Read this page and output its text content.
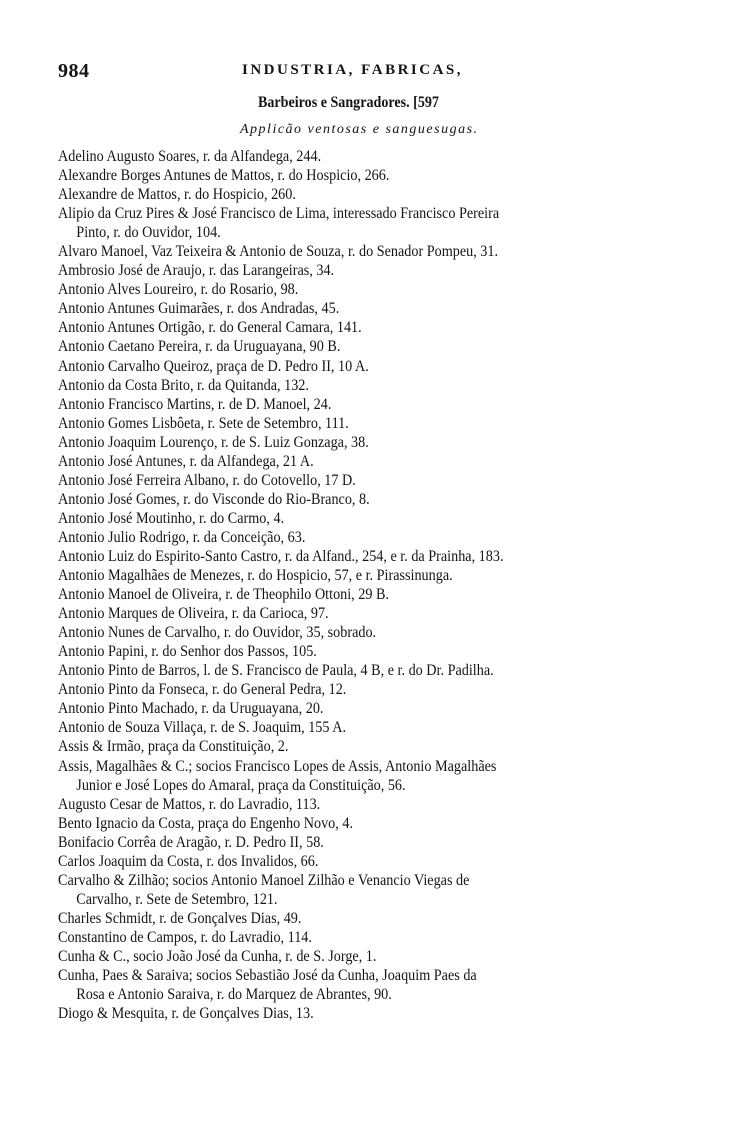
984	INDUSTRIA, FABRICAS,
Barbeiros e Sangradores. [597
Applicão ventosas e sanguesugas.
Adelino Augusto Soares, r. da Alfandega, 244.
Alexandre Borges Antunes de Mattos, r. do Hospicio, 266.
Alexandre de Mattos, r. do Hospicio, 260.
Alipio da Cruz Pires & José Francisco de Lima, interessado Francisco Pereira
Pinto, r. do Ouvidor, 104.
Alvaro Manoel, Vaz Teixeira & Antonio de Souza, r. do Senador Pompeu, 31.
Ambrosio José de Araujo, r. das Larangeiras, 34.
Antonio Alves Loureiro, r. do Rosario, 98.
Antonio Antunes Guimarães, r. dos Andradas, 45.
Antonio Antunes Ortigão, r. do General Camara, 141.
Antonio Caetano Pereira, r. da Uruguayana, 90 B.
Antonio Carvalho Queiroz, praça de D. Pedro II, 10 A.
Antonio da Costa Brito, r. da Quitanda, 132.
Antonio Francisco Martins, r. de D. Manoel, 24.
Antonio Gomes Lisbôeta, r. Sete de Setembro, 111.
Antonio Joaquim Lourenço, r. de S. Luiz Gonzaga, 38.
Antonio José Antunes, r. da Alfandega, 21 A.
Antonio José Ferreira Albano, r. do Cotovello, 17 D.
Antonio José Gomes, r. do Visconde do Rio-Branco, 8.
Antonio José Moutinho, r. do Carmo, 4.
Antonio Julio Rodrigo, r. da Conceição, 63.
Antonio Luiz do Espirito-Santo Castro, r. da Alfand., 254, e r. da Prainha, 183.
Antonio Magalhães de Menezes, r. do Hospicio, 57, e r. Pirassinunga.
Antonio Manoel de Oliveira, r. de Theophilo Ottoni, 29 B.
Antonio Marques de Oliveira, r. da Carioca, 97.
Antonio Nunes de Carvalho, r. do Ouvidor, 35, sobrado.
Antonio Papini, r. do Senhor dos Passos, 105.
Antonio Pinto de Barros, l. de S. Francisco de Paula, 4 B, e r. do Dr. Padilha.
Antonio Pinto da Fonseca, r. do General Pedra, 12.
Antonio Pinto Machado, r. da Uruguayana, 20.
Antonio de Souza Villaça, r. de S. Joaquim, 155 A.
Assis & Irmão, praça da Constituição, 2.
Assis, Magalhães & C.; socios Francisco Lopes de Assis, Antonio Magalhães
Junior e José Lopes do Amaral, praça da Constituição, 56.
Augusto Cesar de Mattos, r. do Lavradio, 113.
Bento Ignacio da Costa, praça do Engenho Novo, 4.
Bonifacio Corrêa de Aragão, r. D. Pedro II, 58.
Carlos Joaquim da Costa, r. dos Invalidos, 66.
Carvalho & Zilhão; socios Antonio Manoel Zilhão e Venancio Viegas de
Carvalho, r. Sete de Setembro, 121.
Charles Schmidt, r. de Gonçalves Dias, 49.
Constantino de Campos, r. do Lavradio, 114.
Cunha & C., socio João José da Cunha, r. de S. Jorge, 1.
Cunha, Paes & Saraiva; socios Sebastião José da Cunha, Joaquim Paes da
Rosa e Antonio Saraiva, r. do Marquez de Abrantes, 90.
Diogo & Mesquita, r. de Gonçalves Dias, 13.
